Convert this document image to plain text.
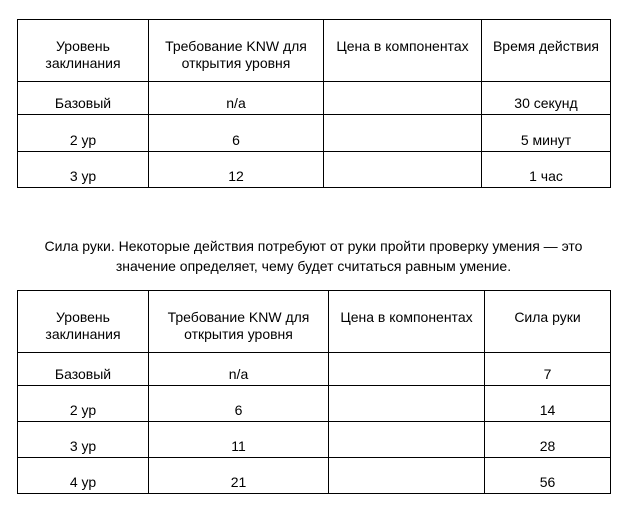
Уровень заклинания	Требование KNW для открытия уровня	Цена в компонентах	Время действия
Базовый	n/a		30 секунд
2 ур	6		5 минут
3 ур	12		1 час
Сила руки. Некоторые действия потребуют от руки пройти проверку умения — это значение определяет, чему будет считаться равным умение.
Уровень заклинания	Требование KNW для открытия уровня	Цена в компонентах	Сила руки
Базовый	n/a		7
2 ур	6		14
3 ур	11		28
4 ур	21		56
